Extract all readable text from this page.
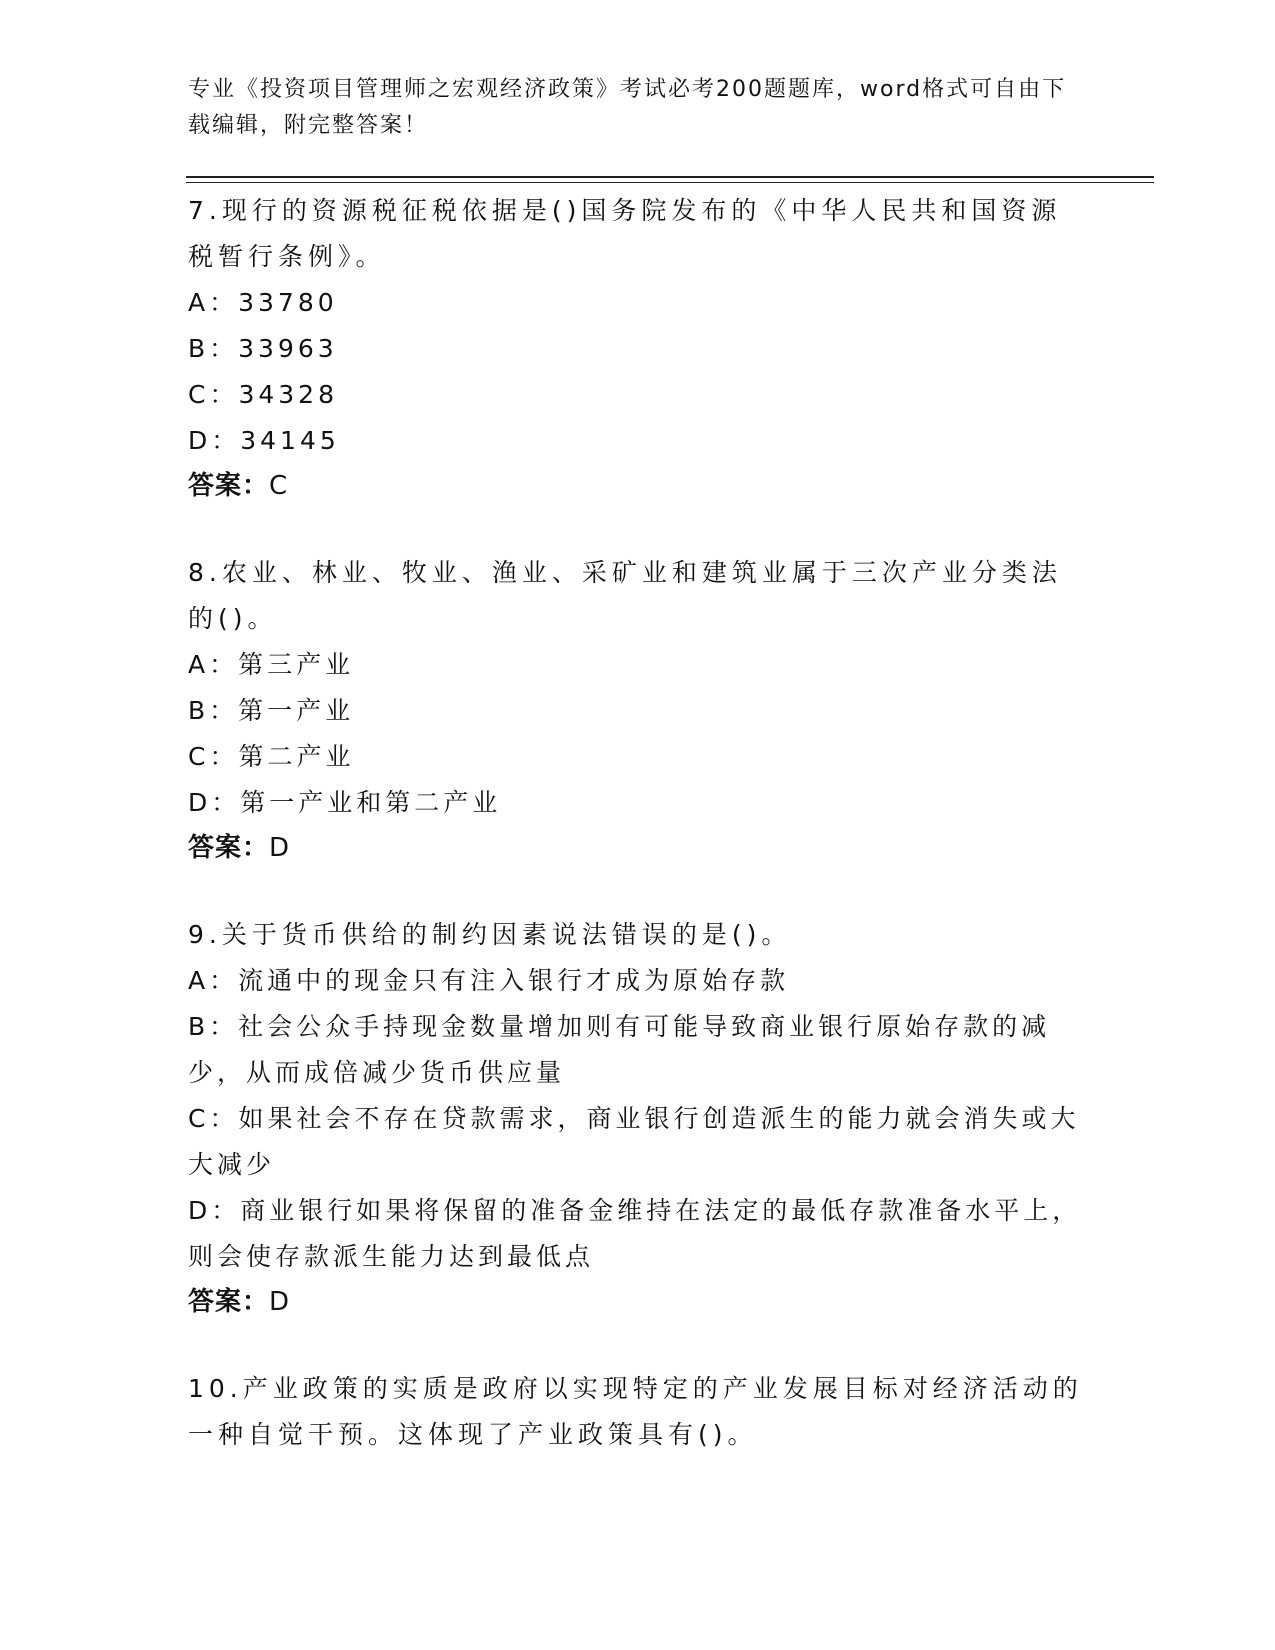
专业《投资项目管理师之宏观经济政策》考试必考200题题库，word格式可自由下载编辑，附完整答案！

7.现行的资源税征税依据是()国务院发布的《中华人民共和国资源税暂行条例》。

A：33780

B：33963

C：34328

D：34145

答案：C

8.农业、林业、牧业、渔业、采矿业和建筑业属于三次产业分类法的()。

A：第三产业

B：第一产业

C：第二产业

D：第一产业和第二产业

答案：D

9.关于货币供给的制约因素说法错误的是()。

A：流通中的现金只有注入银行才成为原始存款

B：社会公众手持现金数量增加则有可能导致商业银行原始存款的减少，从而成倍减少货币供应量

C：如果社会不存在贷款需求，商业银行创造派生的能力就会消失或大大减少

D：商业银行如果将保留的准备金维持在法定的最低存款准备水平上，则会使存款派生能力达到最低点

答案：D

10.产业政策的实质是政府以实现特定的产业发展目标对经济活动的一种自觉干预。这体现了产业政策具有()。
